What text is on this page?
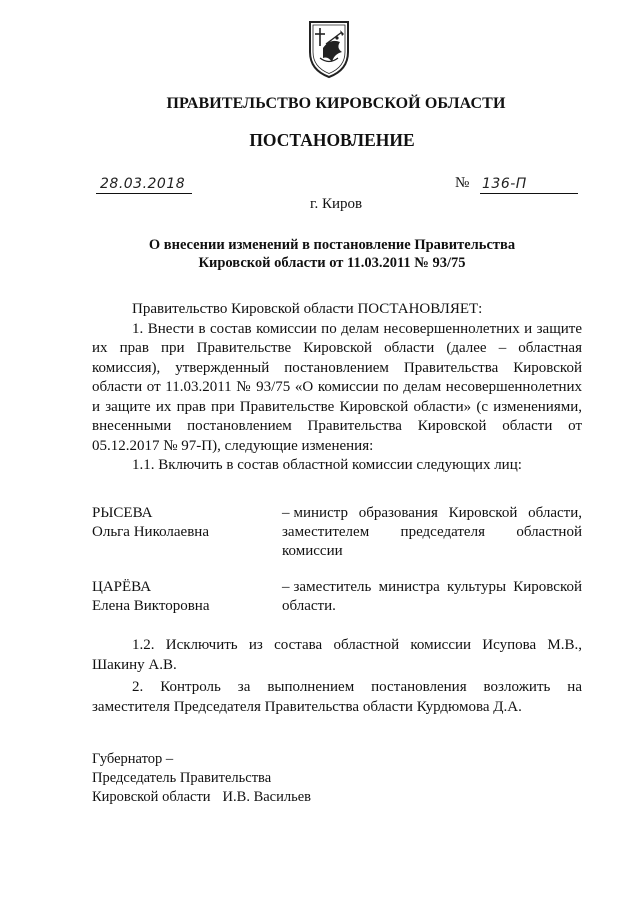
ПРАВИТЕЛЬСТВО КИРОВСКОЙ ОБЛАСТИ
ПОСТАНОВЛЕНИЕ
28.03.2018	№ 136-П
г. Киров
О внесении изменений в постановление Правительства
Кировской области от 11.03.2011 № 93/75

Правительство Кировской области ПОСТАНОВЛЯЕТ:

1. Внести в состав комиссии по делам несовершеннолетних и защите их прав при Правительстве Кировской области (далее – областная комиссия), утвержденный постановлением Правительства Кировской области от 11.03.2011 № 93/75 «О комиссии по делам несовершеннолетних и защите их прав при Правительстве Кировской области» (с изменениями, внесенными постановлением Правительства Кировской области от 05.12.2017 № 97-П), следующие изменения:

1.1. Включить в состав областной комиссии следующих лиц:

РЫСЕВА
Ольга Николаевна
– министр образования Кировской области, заместителем председателя областной комиссии
ЦАРЁВА
Елена Викторовна
– заместитель министра культуры Кировской области.

1.2. Исключить из состава областной комиссии Исупова М.В., Шакину А.В.

2. Контроль за выполнением постановления возложить на заместителя Председателя Правительства области Курдюмова Д.А.

Губернатор –
Председатель Правительства
Кировской области И.В. Васильев
